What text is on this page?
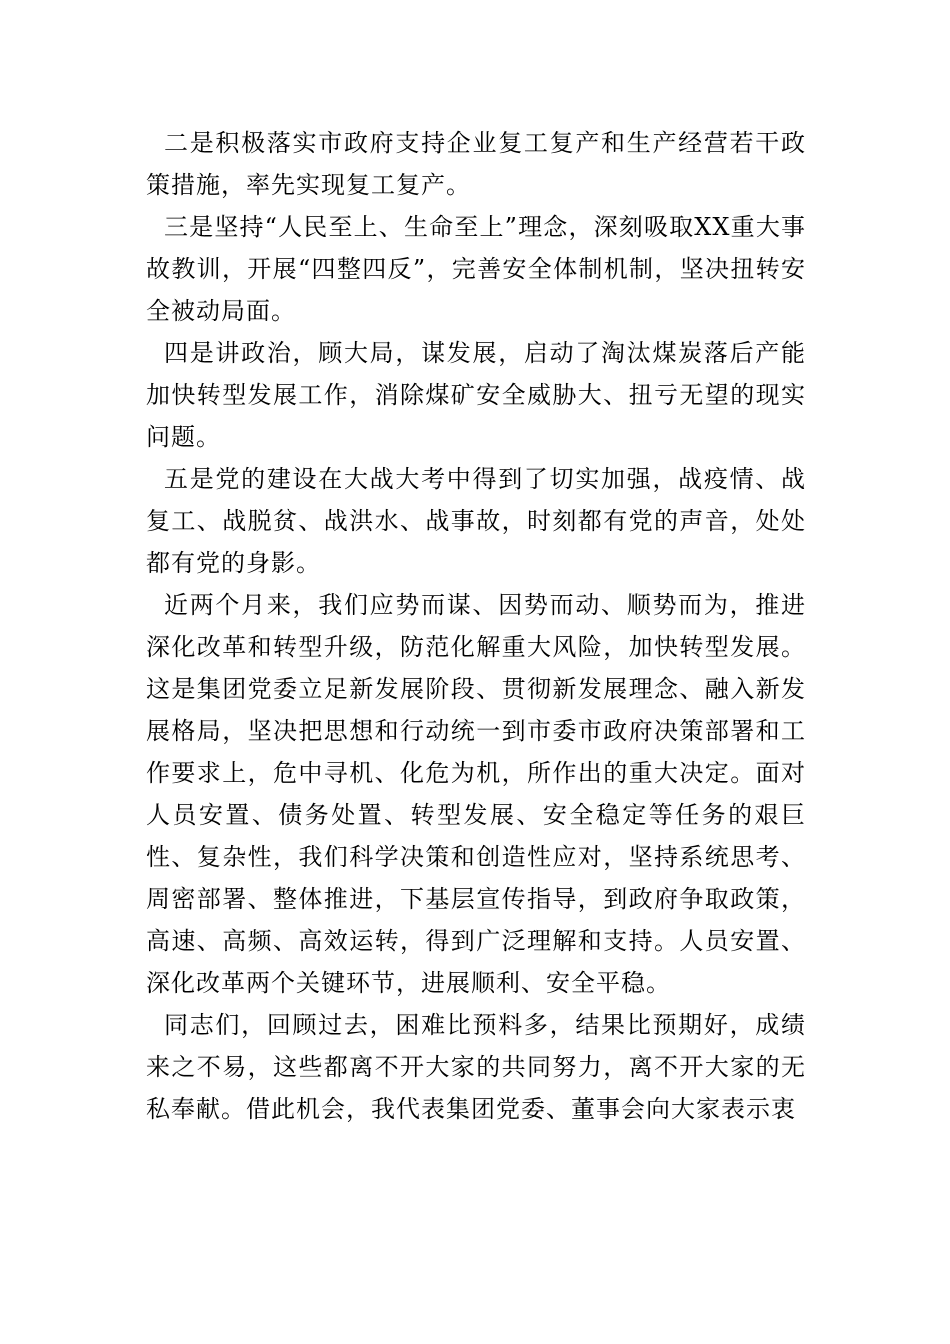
二是积极落实市政府支持企业复工复产和生产经营若干政策措施，率先实现复工复产。

三是坚持“人民至上、生命至上”理念，深刻吸取XX重大事故教训，开展“四整四反”，完善安全体制机制，坚决扭转安全被动局面。

四是讲政治，顾大局，谋发展，启动了淘汰煤炭落后产能加快转型发展工作，消除煤矿安全威胁大、扭亏无望的现实问题。

五是党的建设在大战大考中得到了切实加强，战疫情、战复工、战脱贫、战洪水、战事故，时刻都有党的声音，处处都有党的身影。

近两个月来，我们应势而谋、因势而动、顺势而为，推进深化改革和转型升级，防范化解重大风险，加快转型发展。这是集团党委立足新发展阶段、贯彻新发展理念、融入新发展格局，坚决把思想和行动统一到市委市政府决策部署和工作要求上，危中寻机、化危为机，所作出的重大决定。面对人员安置、债务处置、转型发展、安全稳定等任务的艰巨性、复杂性，我们科学决策和创造性应对，坚持系统思考、周密部署、整体推进，下基层宣传指导，到政府争取政策，高速、高频、高效运转，得到广泛理解和支持。人员安置、深化改革两个关键环节，进展顺利、安全平稳。

同志们，回顾过去，困难比预料多，结果比预期好，成绩来之不易，这些都离不开大家的共同努力，离不开大家的无私奉献。借此机会，我代表集团党委、董事会向大家表示衷
